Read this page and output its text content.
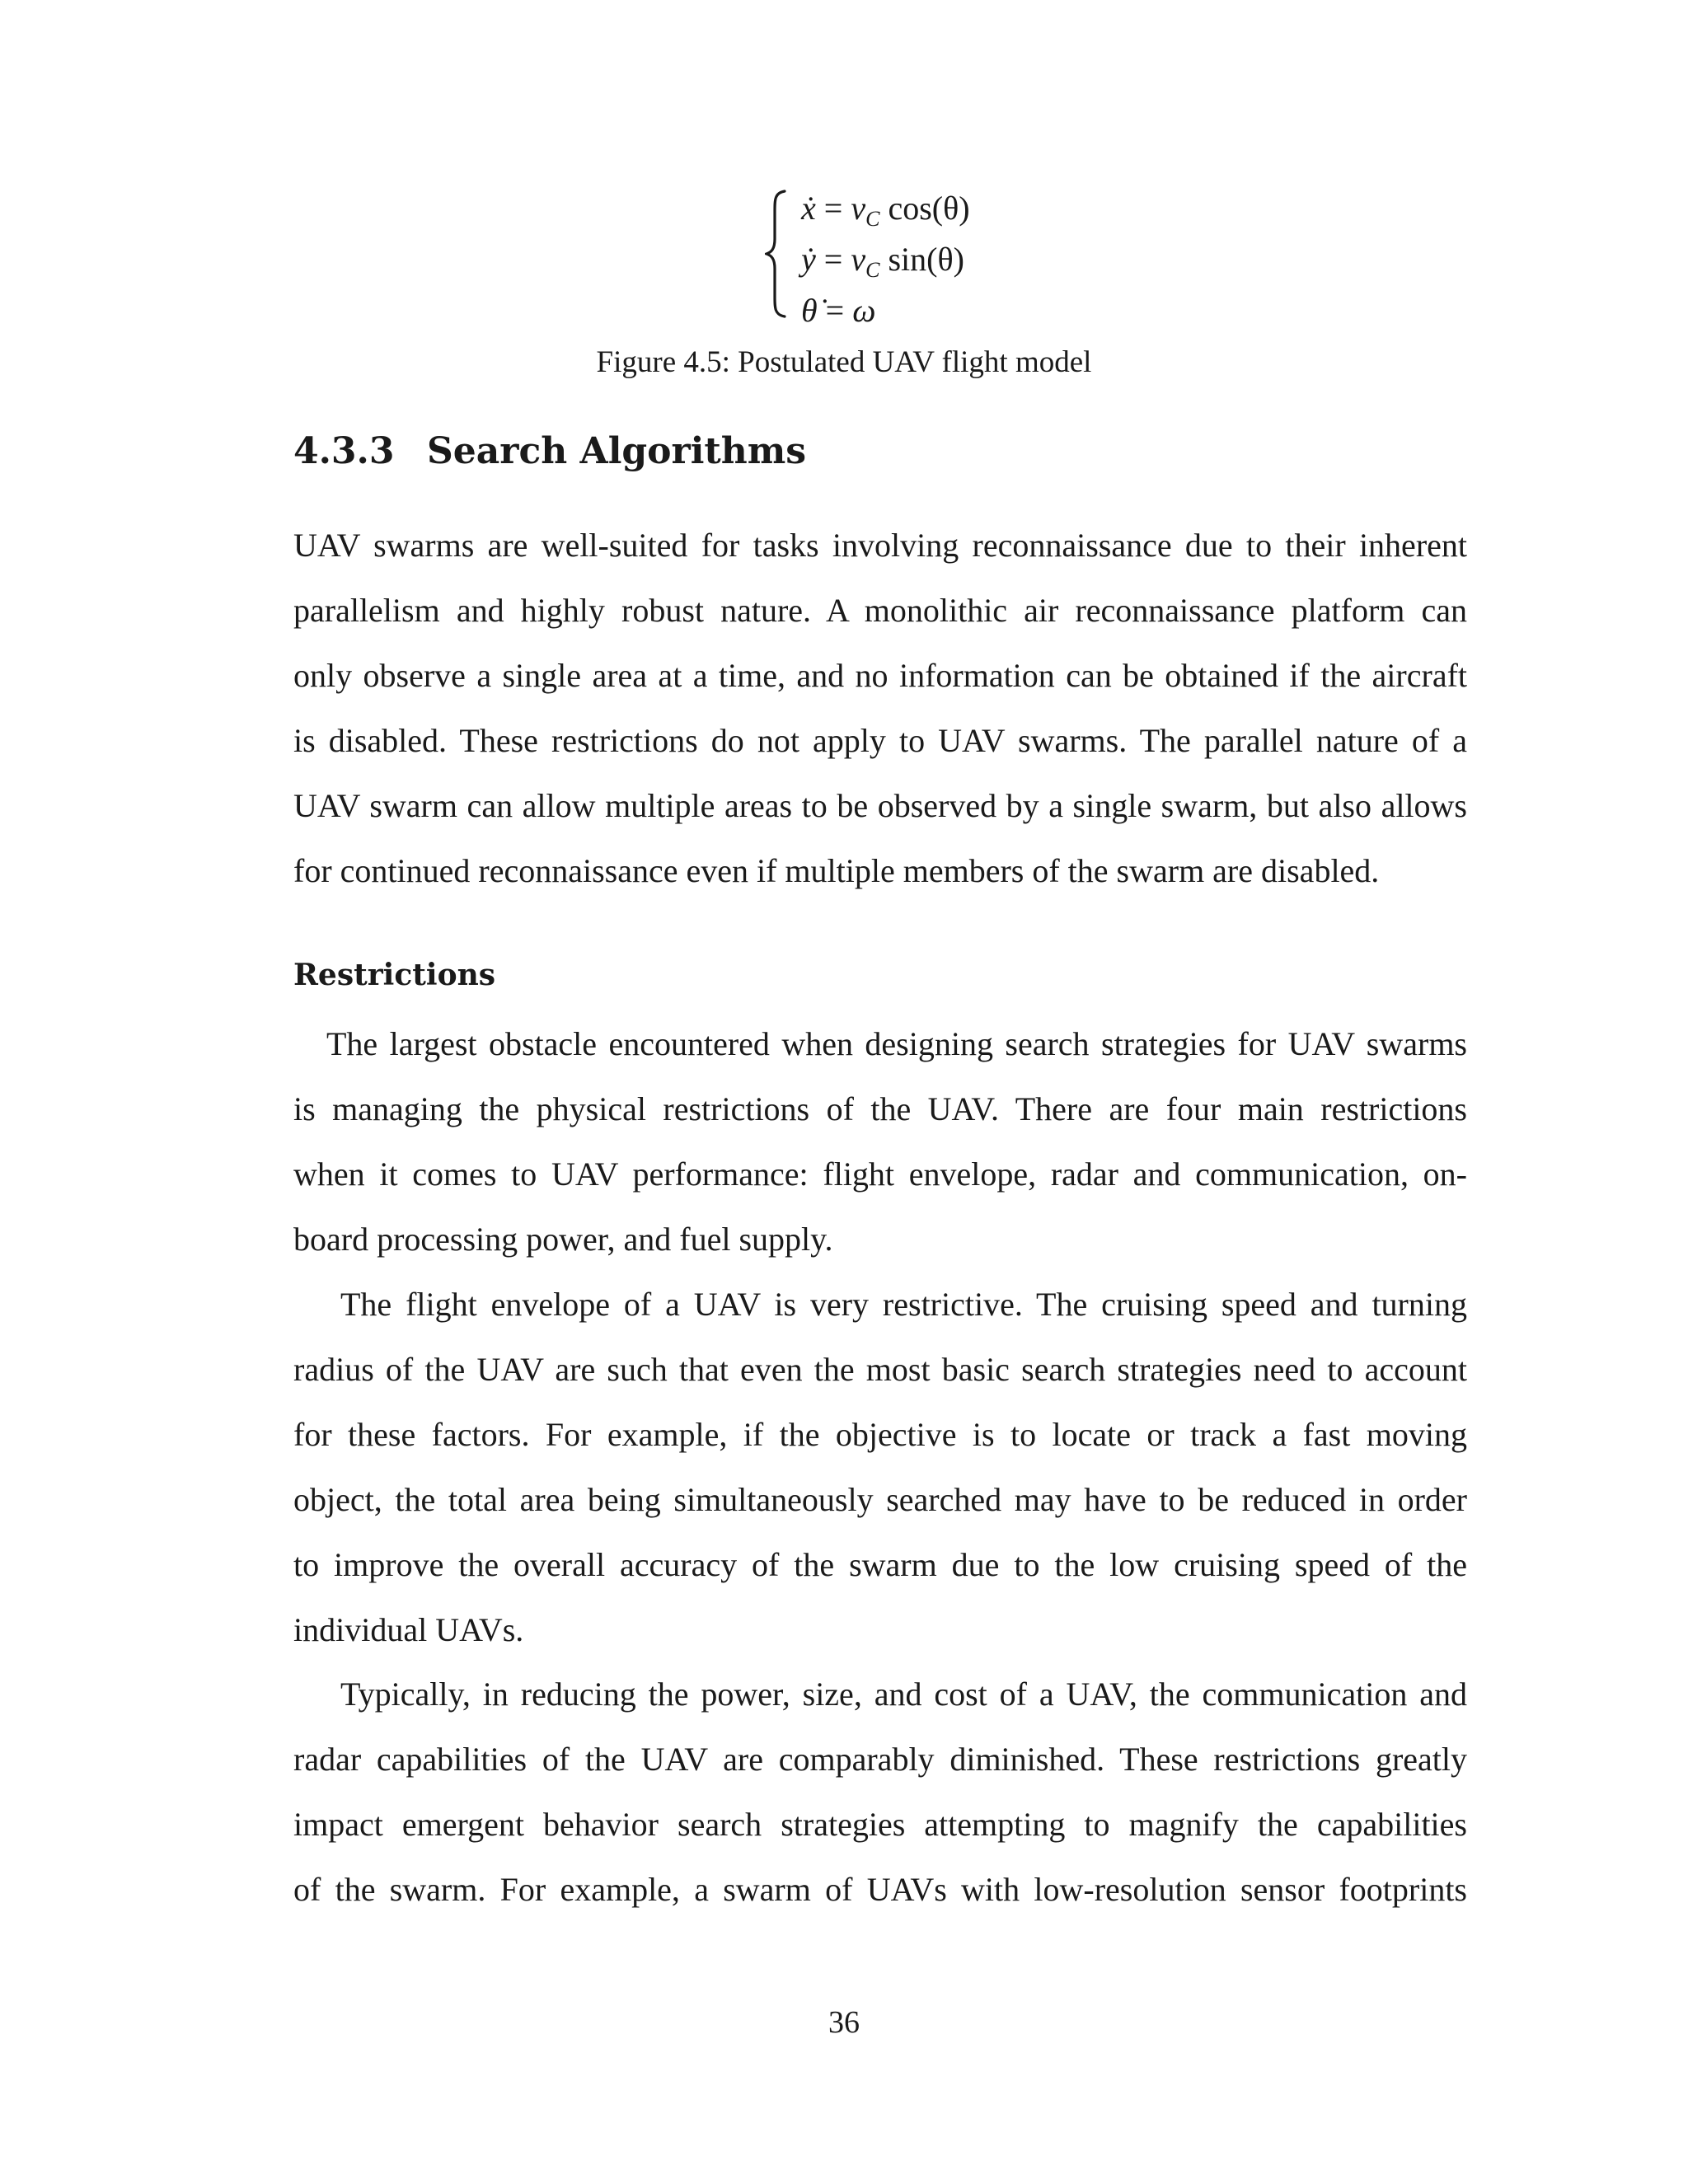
ẋ = $v_C$ cos(θ)
ẏ = $v_C$ sin(θ)
θ̇ = ω
Figure 4.5: Postulated UAV flight model
4.3.3 Search Algorithms
UAV swarms are well-suited for tasks involving reconnaissance due to their inherent
parallelism and highly robust nature. A monolithic air reconnaissance platform can
only observe a single area at a time, and no information can be obtained if the aircraft
is disabled. These restrictions do not apply to UAV swarms. The parallel nature of a
UAV swarm can allow multiple areas to be observed by a single swarm, but also allows
for continued reconnaissance even if multiple members of the swarm are disabled.
Restrictions
The largest obstacle encountered when designing search strategies for UAV swarms
is managing the physical restrictions of the UAV. There are four main restrictions
when it comes to UAV performance: flight envelope, radar and communication, on-
board processing power, and fuel supply.
The flight envelope of a UAV is very restrictive. The cruising speed and turning
radius of the UAV are such that even the most basic search strategies need to account
for these factors. For example, if the objective is to locate or track a fast moving
object, the total area being simultaneously searched may have to be reduced in order
to improve the overall accuracy of the swarm due to the low cruising speed of the
individual UAVs.
Typically, in reducing the power, size, and cost of a UAV, the communication and
radar capabilities of the UAV are comparably diminished. These restrictions greatly
impact emergent behavior search strategies attempting to magnify the capabilities
of the swarm. For example, a swarm of UAVs with low-resolution sensor footprints
36
